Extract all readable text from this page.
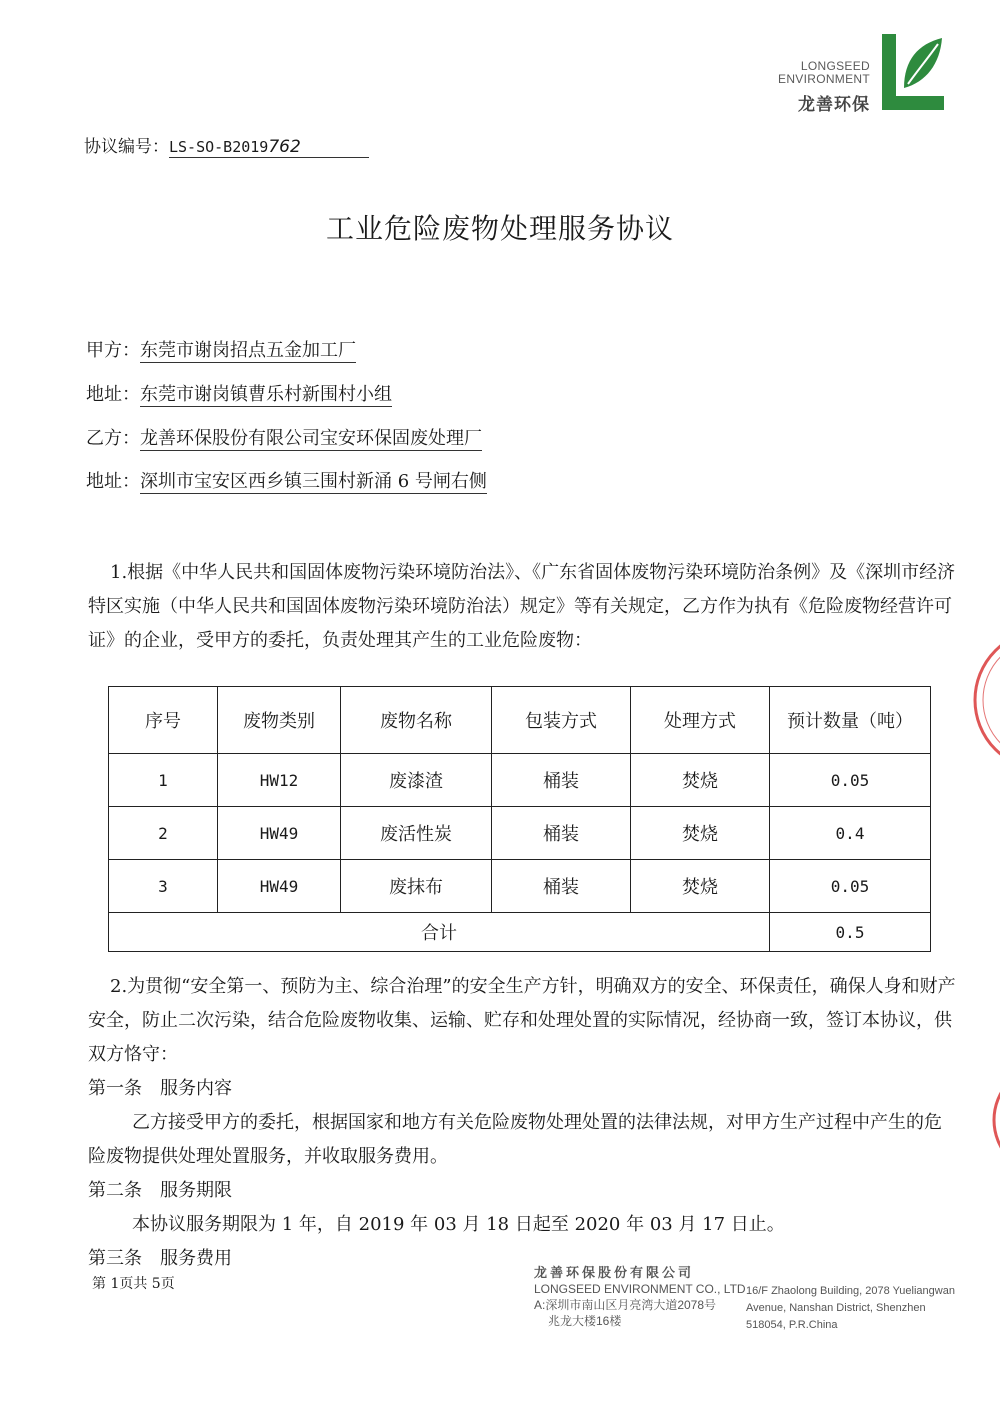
LONGSEED
ENVIRONMENT
龙善环保
协议编号：LS-SO-B2019762
工业危险废物处理服务协议
甲方：东莞市谢岗招点五金加工厂
地址：东莞市谢岗镇曹乐村新围村小组
乙方：龙善环保股份有限公司宝安环保固废处理厂
地址：深圳市宝安区西乡镇三围村新涌 6 号闸右侧

1.根据《中华人民共和国固体废物污染环境防治法》、《广东省固体废物污染环境防治条例》及《深圳市经济特区实施（中华人民共和国固体废物污染环境防治法）规定》等有关规定，乙方作为执有《危险废物经营许可证》的企业，受甲方的委托，负责处理其产生的工业危险废物：

序号	废物类别	废物名称	包装方式	处理方式	预计数量（吨）
1	HW12	废漆渣	桶装	焚烧	0.05
2	HW49	废活性炭	桶装	焚烧	0.4
3	HW49	废抹布	桶装	焚烧	0.05
合计					0.5

2.为贯彻“安全第一、预防为主、综合治理”的安全生产方针，明确双方的安全、环保责任，确保人身和财产安全，防止二次污染，结合危险废物收集、运输、贮存和处理处置的实际情况，经协商一致，签订本协议，供双方恪守：

第一条　服务内容

乙方接受甲方的委托，根据国家和地方有关危险废物处理处置的法律法规，对甲方生产过程中产生的危险废物提供处理处置服务，并收取服务费用。

第二条　服务期限

本协议服务期限为 1 年，自 2019 年 03 月 18 日起至 2020 年 03 月 17 日止。

第三条　服务费用

第 1页共 5页
龙善环保股份有限公司
LONGSEED ENVIRONMENT CO., LTD
A:深圳市南山区月亮湾大道2078号
兆龙大楼16楼
16/F Zhaolong Building, 2078 Yueliangwan
Avenue, Nanshan District, Shenzhen
518054, P.R.China
